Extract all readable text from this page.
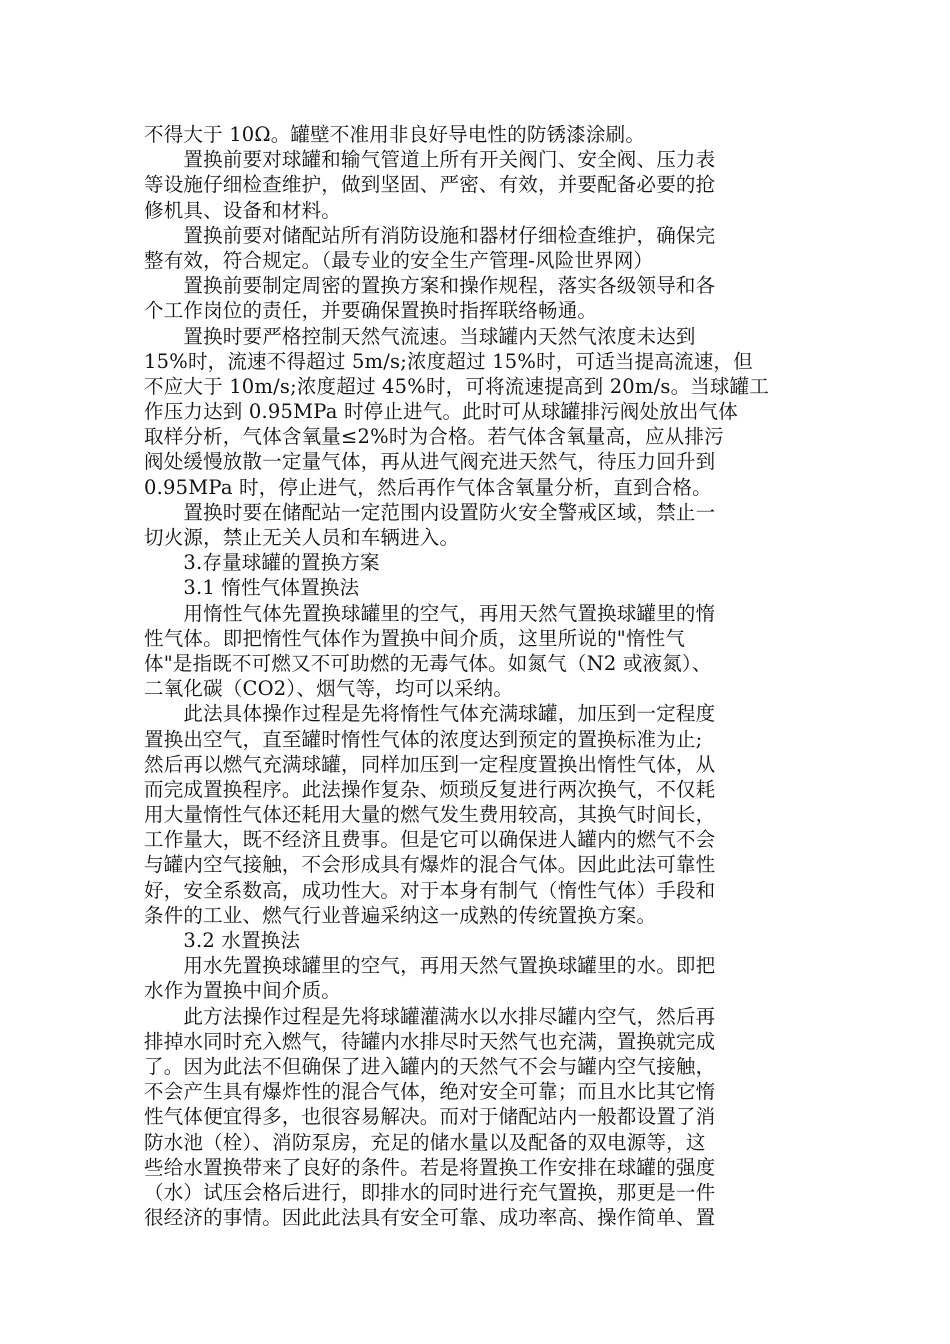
不得大于 10Ω。罐壁不准用非良好导电性的防锈漆涂刷。
　　置换前要对球罐和输气管道上所有开关阀门、安全阀、压力表
等设施仔细检查维护，做到坚固、严密、有效，并要配备必要的抢
修机具、设备和材料。
　　置换前要对储配站所有消防设施和器材仔细检查维护，确保完
整有效，符合规定。（最专业的安全生产管理-风险世界网）
　　置换前要制定周密的置换方案和操作规程，落实各级领导和各
个工作岗位的责任，并要确保置换时指挥联络畅通。
　　置换时要严格控制天然气流速。当球罐内天然气浓度未达到
15%时，流速不得超过 5m/s;浓度超过 15%时，可适当提高流速，但
不应大于 10m/s;浓度超过 45%时，可将流速提高到 20m/s。当球罐工
作压力达到 0.95MPa 时停止进气。此时可从球罐排污阀处放出气体
取样分析，气体含氧量≤2%时为合格。若气体含氧量高，应从排污
阀处缓慢放散一定量气体，再从进气阀充进天然气，待压力回升到
0.95MPa 时，停止进气，然后再作气体含氧量分析，直到合格。
　　置换时要在储配站一定范围内设置防火安全警戒区域，禁止一
切火源，禁止无关人员和车辆进入。
　　3.存量球罐的置换方案
　　3.1 惰性气体置换法
　　用惰性气体先置换球罐里的空气，再用天然气置换球罐里的惰
性气体。即把惰性气体作为置换中间介质，这里所说的"惰性气
体"是指既不可燃又不可助燃的无毒气体。如氮气（N2 或液氮）、
二氧化碳（CO2）、烟气等，均可以采纳。
　　此法具体操作过程是先将惰性气体充满球罐，加压到一定程度
置换出空气，直至罐时惰性气体的浓度达到预定的置换标准为止;
然后再以燃气充满球罐，同样加压到一定程度置换出惰性气体，从
而完成置换程序。此法操作复杂、烦琐反复进行两次换气，不仅耗
用大量惰性气体还耗用大量的燃气发生费用较高，其换气时间长，
工作量大，既不经济且费事。但是它可以确保进人罐内的燃气不会
与罐内空气接触，不会形成具有爆炸的混合气体。因此此法可靠性
好，安全系数高，成功性大。对于本身有制气（惰性气体）手段和
条件的工业、燃气行业普遍采纳这一成熟的传统置换方案。
　　3.2 水置换法
　　用水先置换球罐里的空气，再用天然气置换球罐里的水。即把
水作为置换中间介质。
　　此方法操作过程是先将球罐灌满水以水排尽罐内空气，然后再
排掉水同时充入燃气，待罐内水排尽时天然气也充满，置换就完成
了。因为此法不但确保了进入罐内的天然气不会与罐内空气接触，
不会产生具有爆炸性的混合气体，绝对安全可靠；而且水比其它惰
性气体便宜得多，也很容易解决。而对于储配站内一般都设置了消
防水池（栓）、消防泵房，充足的储水量以及配备的双电源等，这
些给水置换带来了良好的条件。若是将置换工作安排在球罐的强度
（水）试压会格后进行，即排水的同时进行充气置换，那更是一件
很经济的事情。因此此法具有安全可靠、成功率高、操作简单、置
